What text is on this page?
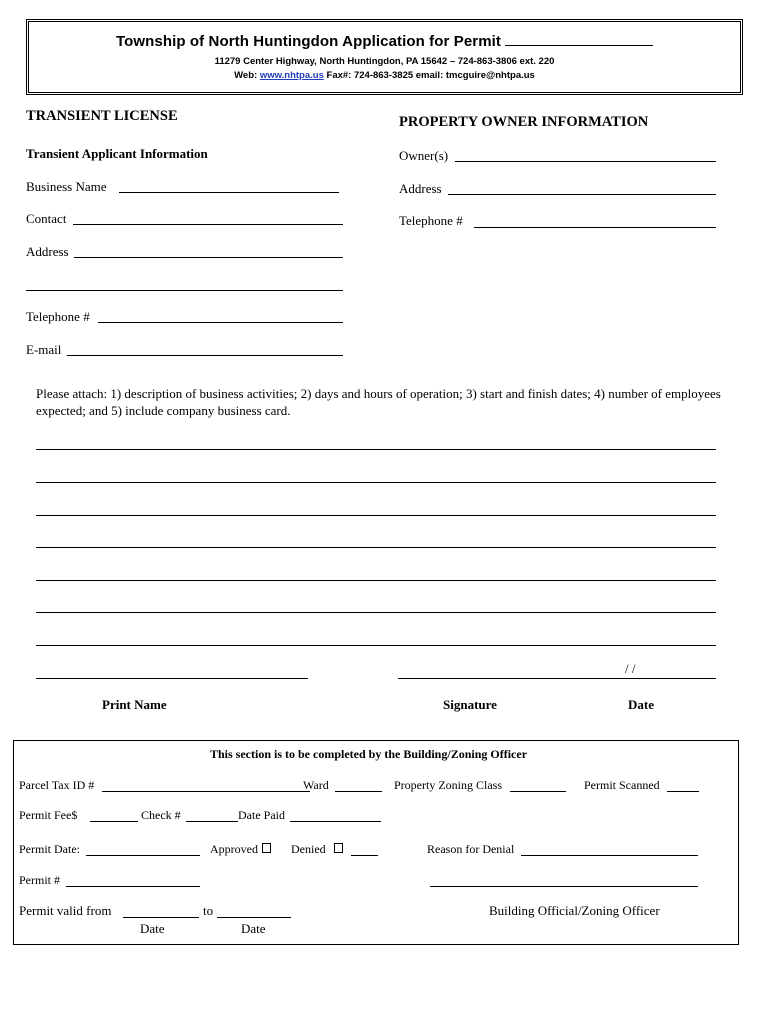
Township of North Huntingdon Application for Permit
11279 Center Highway, North Huntingdon, PA 15642 – 724-863-3806 ext. 220
Web: www.nhtpa.us Fax#: 724-863-3825 email: tmcguire@nhtpa.us
TRANSIENT LICENSE
Transient Applicant Information
Business Name
Contact
Address
Telephone #
E-mail
PROPERTY OWNER INFORMATION
Owner(s)
Address
Telephone #
Please attach: 1) description of business activities; 2) days and hours of operation; 3) start and finish dates; 4) number of employees expected; and 5) include company business card.
/ /
Print Name	Signature	Date
This section is to be completed by the Building/Zoning Officer
Parcel Tax ID #	Ward	Property Zoning Class	Permit Scanned
Permit Fee$	Check #	Date Paid
Permit Date:	Approved	Denied	Reason for Denial
Permit #
Permit valid from	to
Date	Date
Building Official/Zoning Officer
